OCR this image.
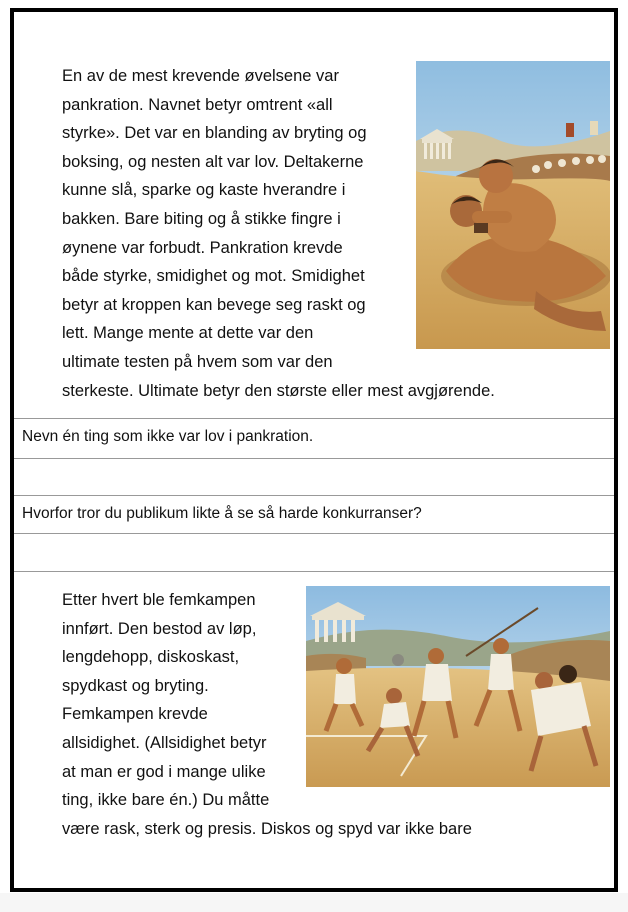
En av de mest krevende øvelsene var
pankration. Navnet betyr omtrent «all
styrke». Det var en blanding av bryting og
boksing, og nesten alt var lov. Deltakerne
kunne slå, sparke og kaste hverandre i
bakken. Bare biting og å stikke fingre i
øynene var forbudt. Pankration krevde
både styrke, smidighet og mot. Smidighet
betyr at kroppen kan bevege seg raskt og
lett. Mange mente at dette var den
ultimate testen på hvem som var den
sterkeste. Ultimate betyr den største eller mest avgjørende.
Nevn én ting som ikke var lov i pankration.
Hvorfor tror du publikum likte å se så harde konkurranser?
Etter hvert ble femkampen
innført. Den bestod av løp,
lengdehopp, diskoskast,
spydkast og bryting.
Femkampen krevde
allsidighet. (Allsidighet betyr
at man er god i mange ulike
ting, ikke bare én.) Du måtte
være rask, sterk og presis. Diskos og spyd var ikke bare
